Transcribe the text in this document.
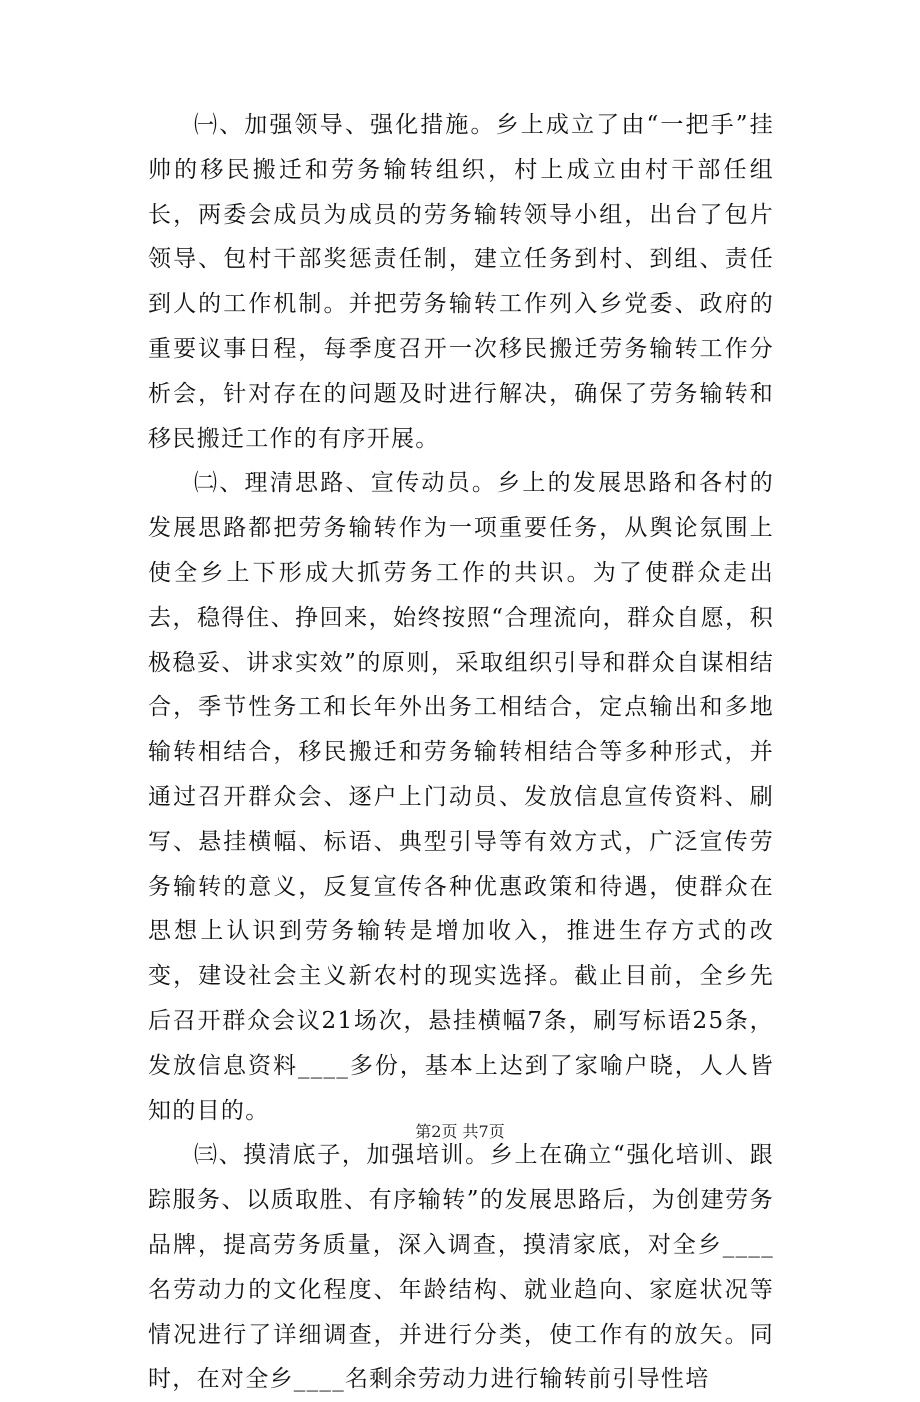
㈠、加强领导、强化措施。乡上成立了由“一把手”挂帅的移民搬迁和劳务输转组织，村上成立由村干部任组长，两委会成员为成员的劳务输转领导小组，出台了包片领导、包村干部奖惩责任制，建立任务到村、到组、责任到人的工作机制。并把劳务输转工作列入乡党委、政府的重要议事日程，每季度召开一次移民搬迁劳务输转工作分析会，针对存在的问题及时进行解决，确保了劳务输转和移民搬迁工作的有序开展。

㈡、理清思路、宣传动员。乡上的发展思路和各村的发展思路都把劳务输转作为一项重要任务，从舆论氛围上使全乡上下形成大抓劳务工作的共识。为了使群众走出去，稳得住、挣回来，始终按照“合理流向，群众自愿，积极稳妥、讲求实效”的原则，采取组织引导和群众自谋相结合，季节性务工和长年外出务工相结合，定点输出和多地输转相结合，移民搬迁和劳务输转相结合等多种形式，并通过召开群众会、逐户上门动员、发放信息宣传资料、刷写、悬挂横幅、标语、典型引导等有效方式，广泛宣传劳务输转的意义，反复宣传各种优惠政策和待遇，使群众在思想上认识到劳务输转是增加收入，推进生存方式的改变，建设社会主义新农村的现实选择。截止目前，全乡先后召开群众会议21场次，悬挂横幅7条，刷写标语25条，发放信息资料____多份，基本上达到了家喻户晓，人人皆知的目的。

㈢、摸清底子，加强培训。乡上在确立“强化培训、跟踪服务、以质取胜、有序输转”的发展思路后，为创建劳务品牌，提高劳务质量，深入调查，摸清家底，对全乡____名劳动力的文化程度、年龄结构、就业趋向、家庭状况等情况进行了详细调查，并进行分类，使工作有的放矢。同时，在对全乡____名剩余劳动力进行输转前引导性培

第2页 共7页
